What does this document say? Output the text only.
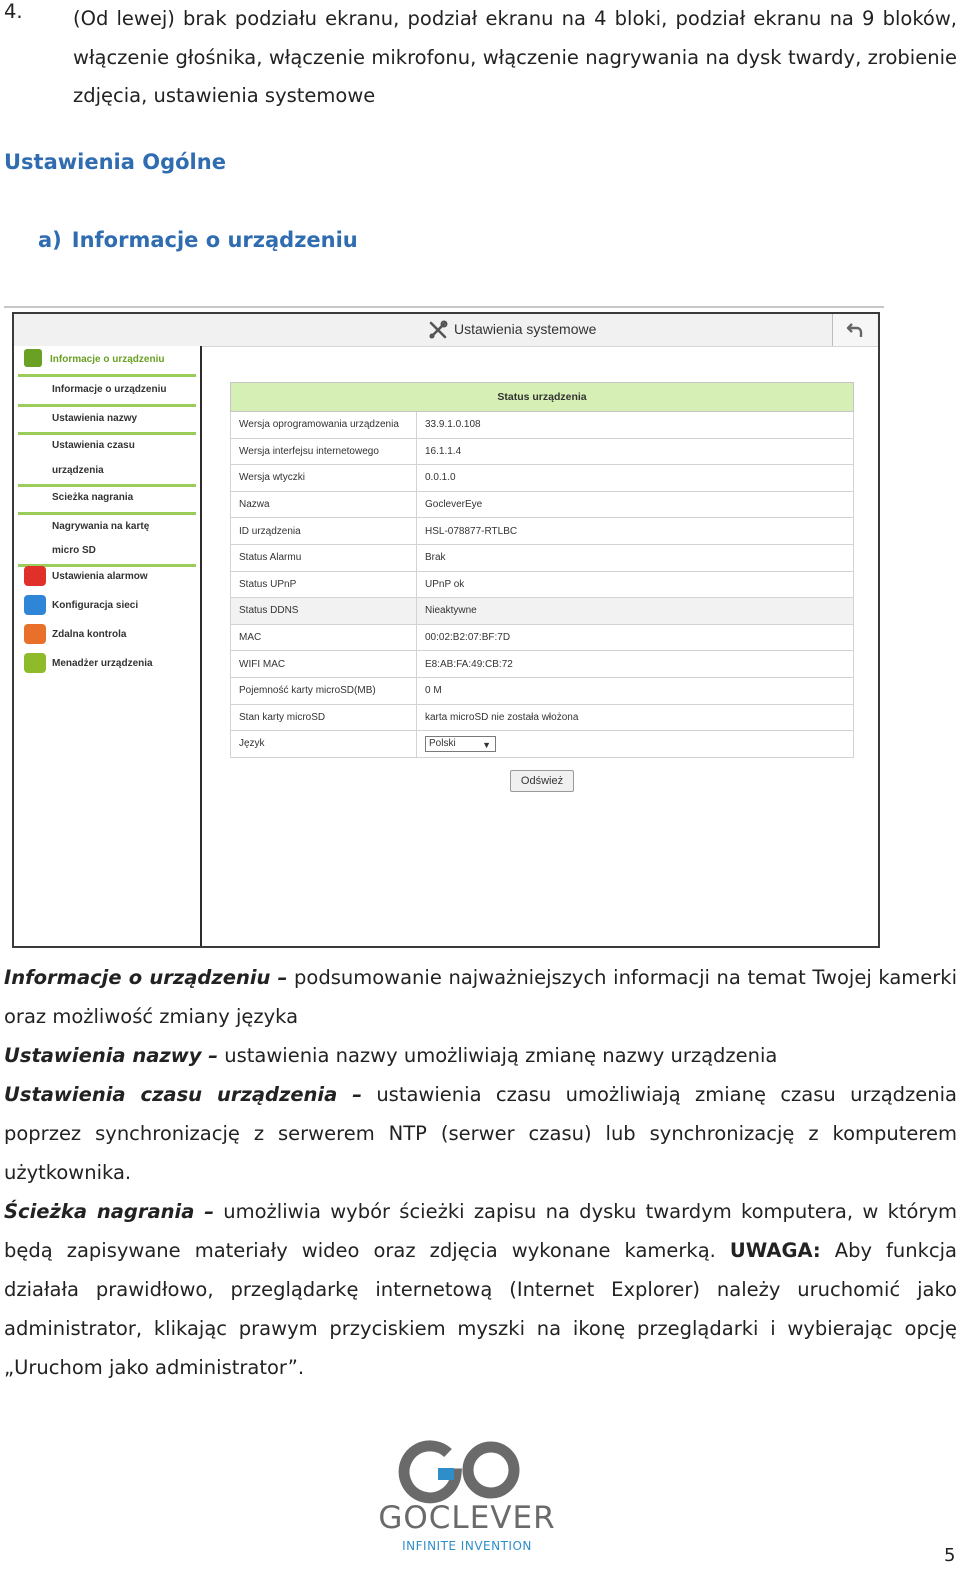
4.	(Od lewej) brak podziału ekranu, podział ekranu na 4 bloki, podział ekranu na 9 bloków, włączenie głośnika, włączenie mikrofonu, włączenie nagrywania na dysk twardy, zrobienie zdjęcia, ustawienia systemowe
Ustawienia Ogólne
a) Informacje o urządzeniu
Ustawienia systemowe
Informacje o urządzeniu
Informacje o urządzeniu
Ustawienia nazwy
Ustawienia czasu
urządzenia
Scieżka nagrania
Nagrywania na kartę
micro SD
Ustawienia alarmow
Konfiguracja sieci
Zdalna kontrola
Menadżer urządzenia
Status urządzenia	
Wersja oprogramowania urządzenia	33.9.1.0.108
Wersja interfejsu internetowego	16.1.1.4
Wersja wtyczki	0.0.1.0
Nazwa	GocleverEye
ID urządzenia	HSL-078877-RTLBC
Status Alarmu	Brak
Status UPnP	UPnP ok
Status DDNS	Nieaktywne
MAC	00:02:B2:07:BF:7D
WIFI MAC	E8:AB:FA:49:CB:72
Pojemność karty microSD(MB)	0 M
Stan karty microSD	karta microSD nie została włożona
Język	Polski ▼
Odśwież

Informacje o urządzeniu – podsumowanie najważniejszych informacji na temat Twojej kamerki oraz możliwość zmiany języka

Ustawienia nazwy – ustawienia nazwy umożliwiają zmianę nazwy urządzenia

Ustawienia czasu urządzenia – ustawienia czasu umożliwiają zmianę czasu urządzenia poprzez synchronizację z serwerem NTP (serwer czasu) lub synchronizację z komputerem użytkownika.

Ścieżka nagrania – umożliwia wybór ścieżki zapisu na dysku twardym komputera, w którym będą zapisywane materiały wideo oraz zdjęcia wykonane kamerką. UWAGA: Aby funkcja działała prawidłowo, przeglądarkę internetową (Internet Explorer) należy uruchomić jako administrator, klikając prawym przyciskiem myszki na ikonę przeglądarki i wybierając opcję „Uruchom jako administrator”.

GOCLEVER
INFINITE INVENTION	5
